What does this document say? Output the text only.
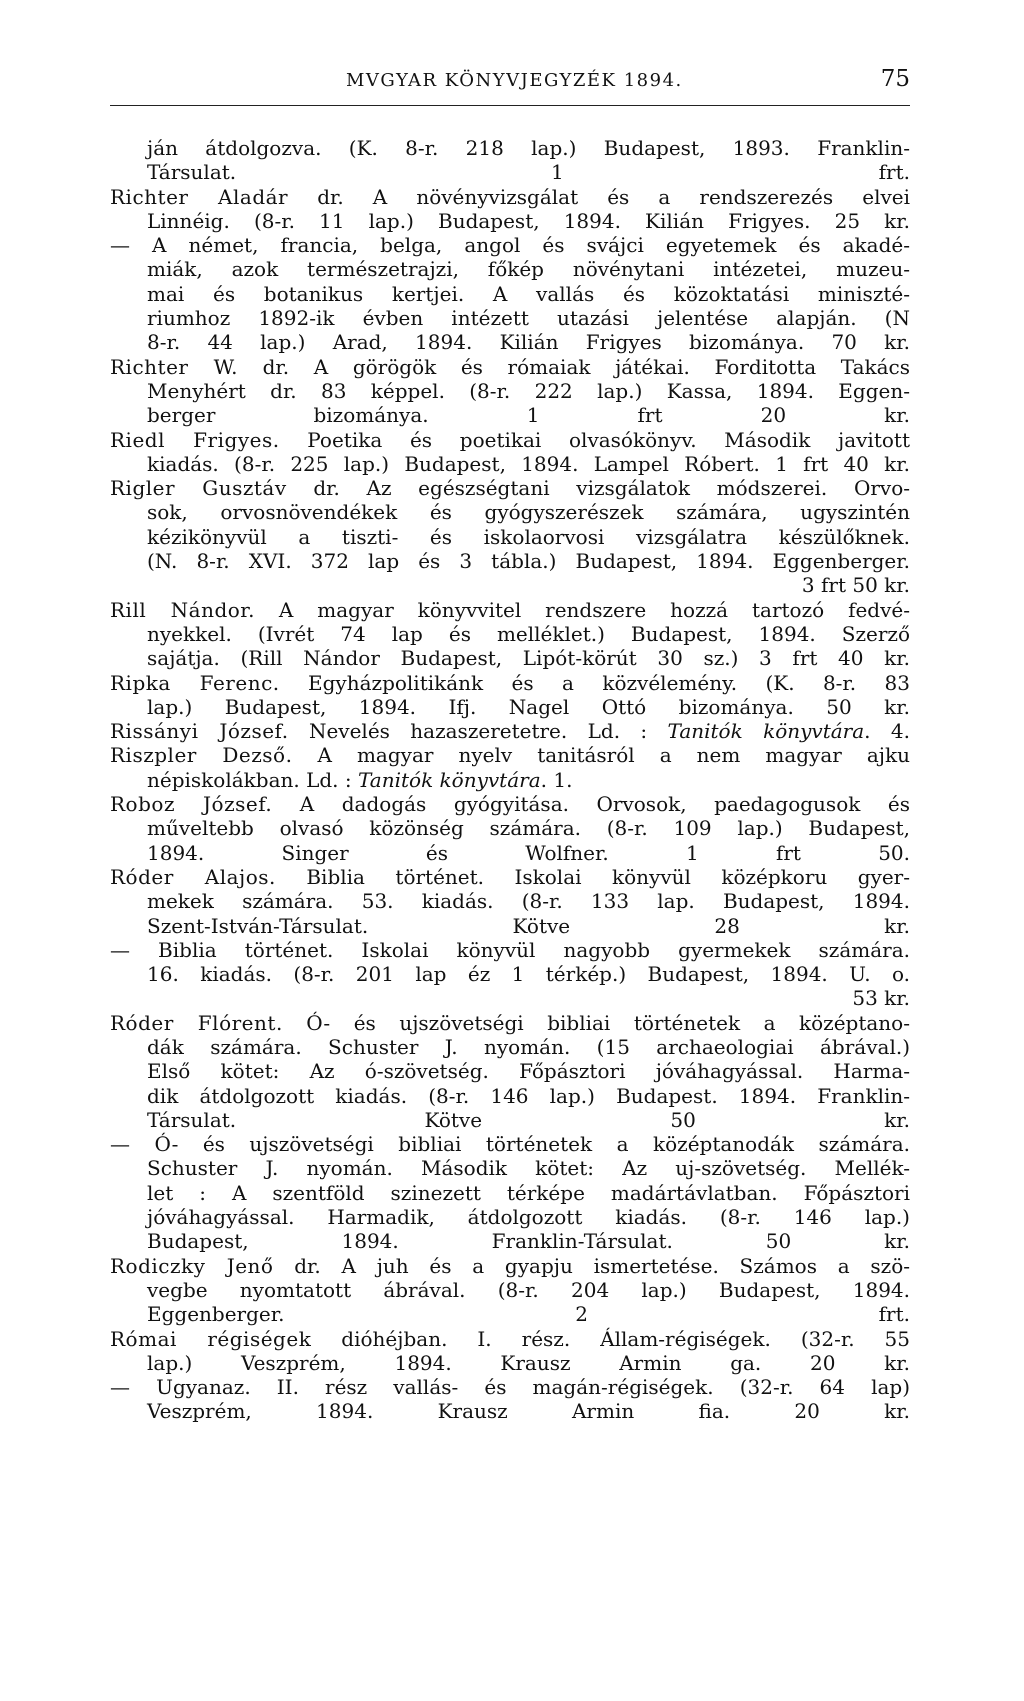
MVGYAR KÖNYVJEGYZÉK 1894.	75
ján átdolgozva. (K. 8-r. 218 lap.) Budapest, 1893. Franklin-
Társulat.	1 frt.
Richter Aladár dr. A növényvizsgálat és a rendszerezés elvei
Linnéig. (8-r. 11 lap.) Budapest, 1894. Kilián Frigyes. 25 kr.
— A német, francia, belga, angol és svájci egyetemek és akadé-
miák, azok természetrajzi, főkép növénytani intézetei, muzeu-
mai és botanikus kertjei. A vallás és közoktatási miniszté-
riumhoz 1892-ik évben intézett utazási jelentése alapján. (N
8-r. 44 lap.) Arad, 1894. Kilián Frigyes bizománya. 70 kr.
Richter W. dr. A görögök és rómaiak játékai. Forditotta Takács
Menyhért dr. 83 képpel. (8-r. 222 lap.) Kassa, 1894. Eggen-
berger bizománya.	1 frt 20 kr.
Riedl Frigyes. Poetika és poetikai olvasókönyv. Második javitott
kiadás. (8-r. 225 lap.) Budapest, 1894. Lampel Róbert. 1 frt 40 kr.
Rigler Gusztáv dr. Az egészségtani vizsgálatok módszerei. Orvo-
sok, orvosnövendékek és gyógyszerészek számára, ugyszintén
kézikönyvül a tiszti- és iskolaorvosi vizsgálatra készülőknek.
(N. 8-r. XVI. 372 lap és 3 tábla.) Budapest, 1894. Eggenberger.
3 frt 50 kr.
Rill Nándor. A magyar könyvvitel rendszere hozzá tartozó fedvé-
nyekkel. (Ivrét 74 lap és melléklet.) Budapest, 1894. Szerző
sajátja. (Rill Nándor Budapest, Lipót-körút 30 sz.) 3 frt 40 kr.
Ripka Ferenc. Egyházpolitikánk és a közvélemény. (K. 8-r. 83
lap.) Budapest, 1894. Ifj. Nagel Ottó bizománya. 50 kr.
Rissányi József. Nevelés hazaszeretetre. Ld. : Tanitók könyvtára. 4.
Riszpler Dezső. A magyar nyelv tanitásról a nem magyar ajku
népiskolákban. Ld. : Tanitók könyvtára. 1.
Roboz József. A dadogás gyógyitása. Orvosok, paedagogusok és
műveltebb olvasó közönség számára. (8-r. 109 lap.) Budapest,
1894. Singer és Wolfner.	1 frt 50.
Róder Alajos. Biblia történet. Iskolai könyvül középkoru gyer-
mekek számára. 53. kiadás. (8-r. 133 lap. Budapest, 1894.
Szent-István-Társulat. Kötve	28 kr.
— Biblia történet. Iskolai könyvül nagyobb gyermekek számára.
16. kiadás. (8-r. 201 lap éz 1 térkép.) Budapest, 1894. U. o.
53 kr.
Róder Flórent. Ó- és ujszövetségi bibliai történetek a középtano-
dák számára. Schuster J. nyomán. (15 archaeologiai ábrával.)
Első kötet: Az ó-szövetség. Főpásztori jóváhagyással. Harma-
dik átdolgozott kiadás. (8-r. 146 lap.) Budapest. 1894. Franklin-
Társulat. Kötve	50 kr.
— Ó- és ujszövetségi bibliai történetek a középtanodák számára.
Schuster J. nyomán. Második kötet: Az uj-szövetség. Mellék-
let : A szentföld szinezett térképe madártávlatban. Főpásztori
jóváhagyással. Harmadik, átdolgozott kiadás. (8-r. 146 lap.)
Budapest, 1894. Franklin-Társulat.	50 kr.
Rodiczky Jenő dr. A juh és a gyapju ismertetése. Számos a szö-
vegbe nyomtatott ábrával. (8-r. 204 lap.) Budapest, 1894.
Eggenberger.	2 frt.
Római régiségek dióhéjban. I. rész. Állam-régiségek. (32-r. 55
lap.) Veszprém, 1894. Krausz Armin ga. 20 kr.
— Ugyanaz. II. rész vallás- és magán-régiségek. (32-r. 64 lap)
Veszprém, 1894. Krausz Armin fia.	20 kr.
